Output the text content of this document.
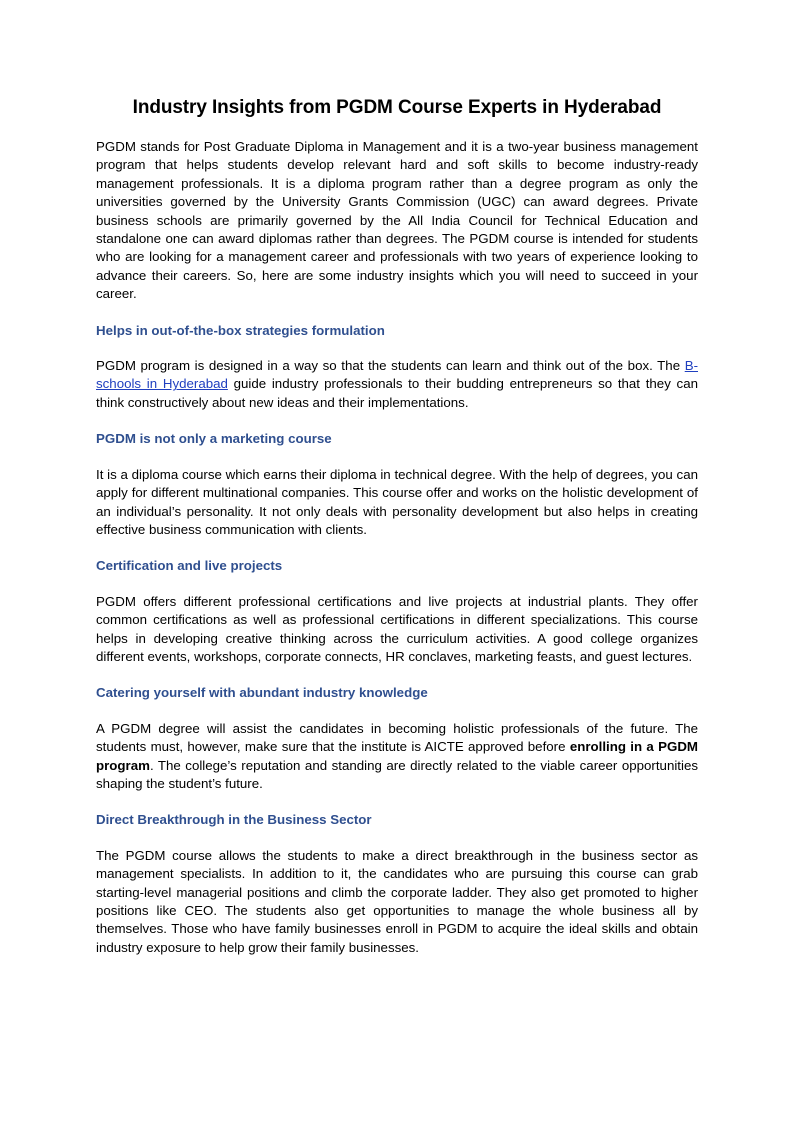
Industry Insights from PGDM Course Experts in Hyderabad

PGDM stands for Post Graduate Diploma in Management and it is a two-year business management program that helps students develop relevant hard and soft skills to become industry-ready management professionals. It is a diploma program rather than a degree program as only the universities governed by the University Grants Commission (UGC) can award degrees. Private business schools are primarily governed by the All India Council for Technical Education and standalone one can award diplomas rather than degrees. The PGDM course is intended for students who are looking for a management career and professionals with two years of experience looking to advance their careers. So, here are some industry insights which you will need to succeed in your career.

Helps in out-of-the-box strategies formulation

PGDM program is designed in a way so that the students can learn and think out of the box. The B-schools in Hyderabad guide industry professionals to their budding entrepreneurs so that they can think constructively about new ideas and their implementations.

PGDM is not only a marketing course

It is a diploma course which earns their diploma in technical degree. With the help of degrees, you can apply for different multinational companies. This course offer and works on the holistic development of an individual’s personality. It not only deals with personality development but also helps in creating effective business communication with clients.

Certification and live projects

PGDM offers different professional certifications and live projects at industrial plants. They offer common certifications as well as professional certifications in different specializations. This course helps in developing creative thinking across the curriculum activities. A good college organizes different events, workshops, corporate connects, HR conclaves, marketing feasts, and guest lectures.

Catering yourself with abundant industry knowledge

A PGDM degree will assist the candidates in becoming holistic professionals of the future. The students must, however, make sure that the institute is AICTE approved before enrolling in a PGDM program. The college’s reputation and standing are directly related to the viable career opportunities shaping the student’s future.

Direct Breakthrough in the Business Sector

The PGDM course allows the students to make a direct breakthrough in the business sector as management specialists. In addition to it, the candidates who are pursuing this course can grab starting-level managerial positions and climb the corporate ladder. They also get promoted to higher positions like CEO. The students also get opportunities to manage the whole business all by themselves. Those who have family businesses enroll in PGDM to acquire the ideal skills and obtain industry exposure to help grow their family businesses.
